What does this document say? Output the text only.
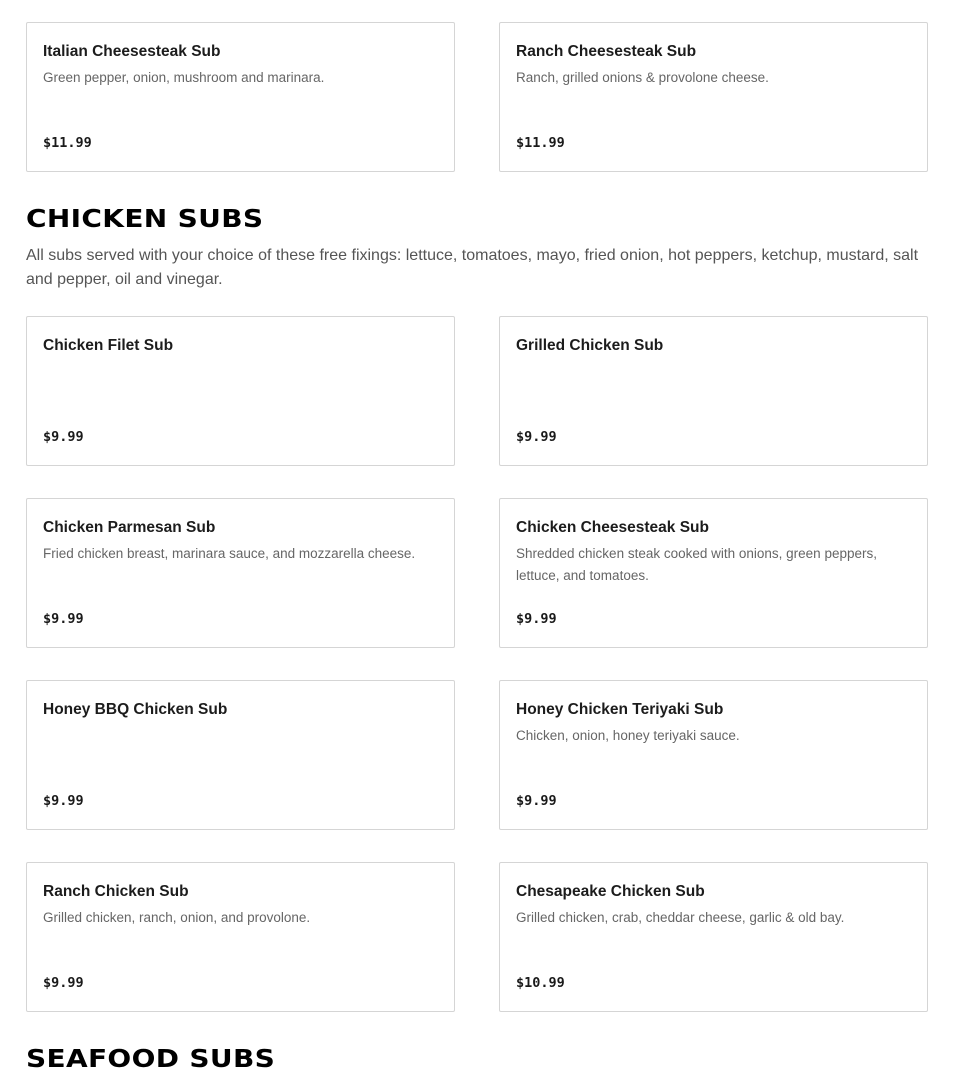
Italian Cheesesteak Sub
Green pepper, onion, mushroom and marinara.
$11.99
Ranch Cheesesteak Sub
Ranch, grilled onions & provolone cheese.
$11.99
CHICKEN SUBS

All subs served with your choice of these free fixings: lettuce, tomatoes, mayo, fried onion, hot peppers, ketchup, mustard, salt and pepper, oil and vinegar.

Chicken Filet Sub
$9.99
Grilled Chicken Sub
$9.99
Chicken Parmesan Sub
Fried chicken breast, marinara sauce, and mozzarella cheese.
$9.99
Chicken Cheesesteak Sub
Shredded chicken steak cooked with onions, green peppers, lettuce, and tomatoes.
$9.99
Honey BBQ Chicken Sub
$9.99
Honey Chicken Teriyaki Sub
Chicken, onion, honey teriyaki sauce.
$9.99
Ranch Chicken Sub
Grilled chicken, ranch, onion, and provolone.
$9.99
Chesapeake Chicken Sub
Grilled chicken, crab, cheddar cheese, garlic & old bay.
$10.99
SEAFOOD SUBS
